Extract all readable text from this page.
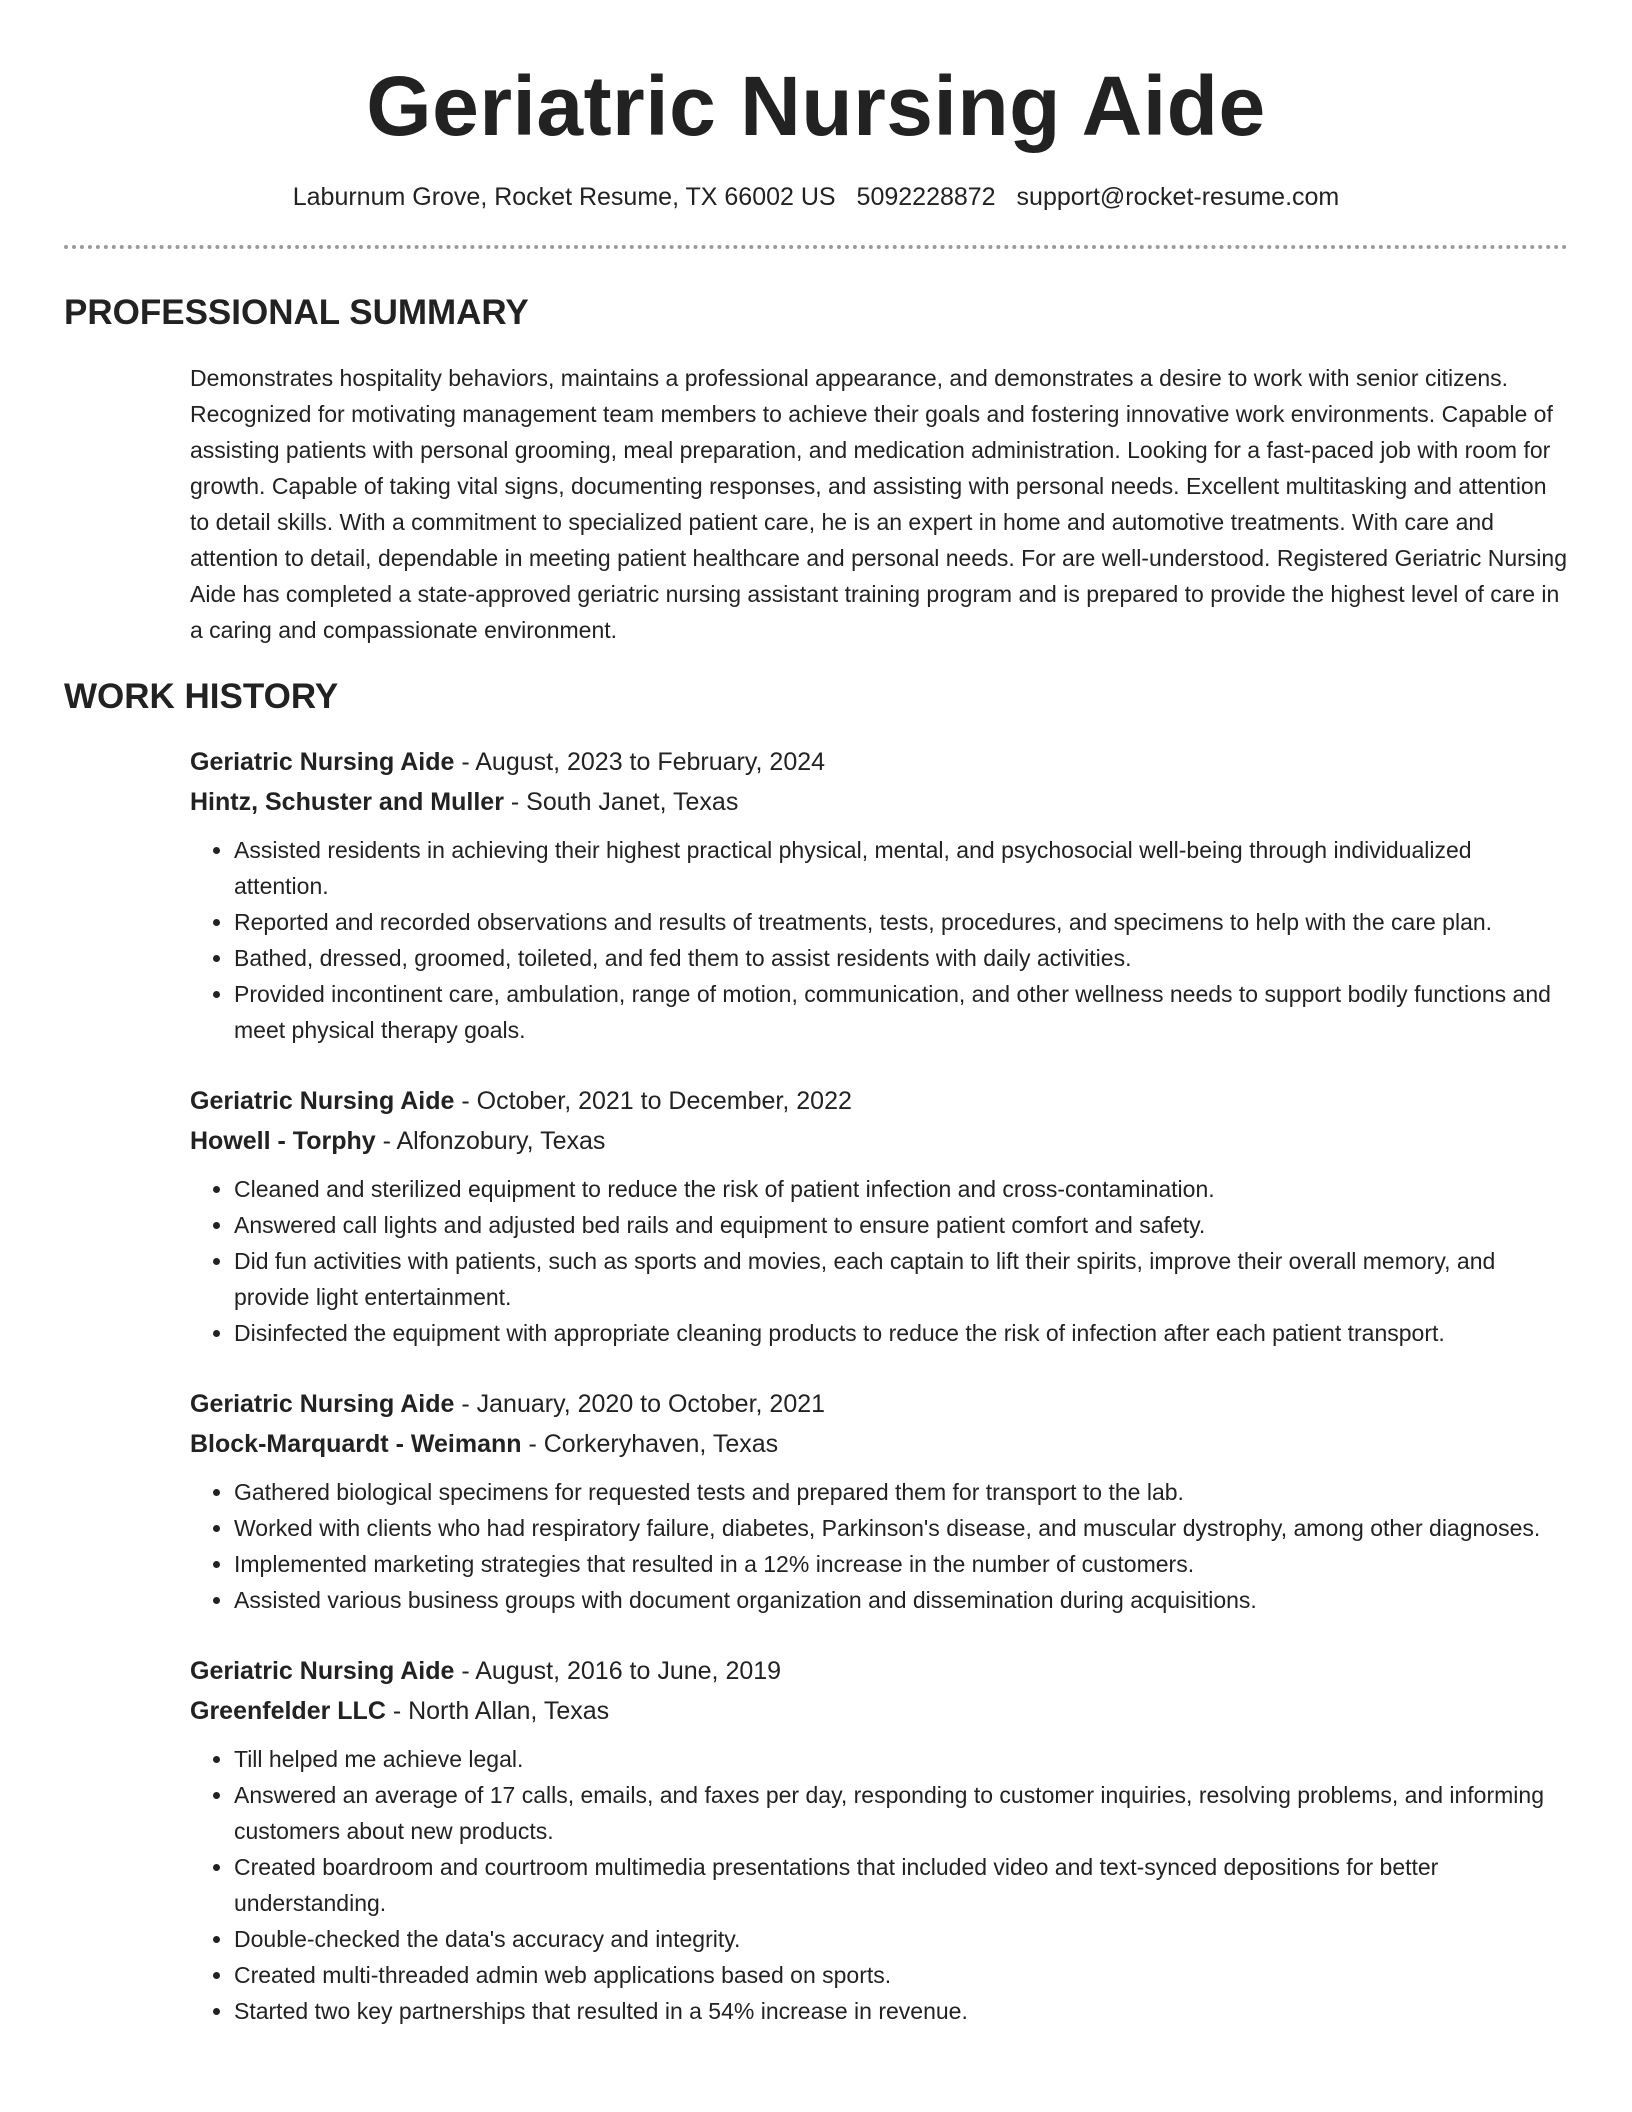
Geriatric Nursing Aide
Laburnum Grove, Rocket Resume, TX 66002 US 5092228872 support@rocket-resume.com
PROFESSIONAL SUMMARY

Demonstrates hospitality behaviors, maintains a professional appearance, and demonstrates a desire to work with senior citizens. Recognized for motivating management team members to achieve their goals and fostering innovative work environments. Capable of assisting patients with personal grooming, meal preparation, and medication administration. Looking for a fast-paced job with room for growth. Capable of taking vital signs, documenting responses, and assisting with personal needs. Excellent multitasking and attention to detail skills. With a commitment to specialized patient care, he is an expert in home and automotive treatments. With care and attention to detail, dependable in meeting patient healthcare and personal needs. For are well-understood. Registered Geriatric Nursing Aide has completed a state-approved geriatric nursing assistant training program and is prepared to provide the highest level of care in a caring and compassionate environment.

WORK HISTORY
Geriatric Nursing Aide - August, 2023 to February, 2024
Hintz, Schuster and Muller - South Janet, Texas
• Assisted residents in achieving their highest practical physical, mental, and psychosocial well-being through individualized attention.
• Reported and recorded observations and results of treatments, tests, procedures, and specimens to help with the care plan.
• Bathed, dressed, groomed, toileted, and fed them to assist residents with daily activities.
• Provided incontinent care, ambulation, range of motion, communication, and other wellness needs to support bodily functions and meet physical therapy goals.
Geriatric Nursing Aide - October, 2021 to December, 2022
Howell - Torphy - Alfonzobury, Texas
• Cleaned and sterilized equipment to reduce the risk of patient infection and cross-contamination.
• Answered call lights and adjusted bed rails and equipment to ensure patient comfort and safety.
• Did fun activities with patients, such as sports and movies, each captain to lift their spirits, improve their overall memory, and provide light entertainment.
• Disinfected the equipment with appropriate cleaning products to reduce the risk of infection after each patient transport.
Geriatric Nursing Aide - January, 2020 to October, 2021
Block-Marquardt - Weimann - Corkeryhaven, Texas
• Gathered biological specimens for requested tests and prepared them for transport to the lab.
• Worked with clients who had respiratory failure, diabetes, Parkinson's disease, and muscular dystrophy, among other diagnoses.
• Implemented marketing strategies that resulted in a 12% increase in the number of customers.
• Assisted various business groups with document organization and dissemination during acquisitions.
Geriatric Nursing Aide - August, 2016 to June, 2019
Greenfelder LLC - North Allan, Texas
• Till helped me achieve legal.
• Answered an average of 17 calls, emails, and faxes per day, responding to customer inquiries, resolving problems, and informing customers about new products.
• Created boardroom and courtroom multimedia presentations that included video and text-synced depositions for better understanding.
• Double-checked the data's accuracy and integrity.
• Created multi-threaded admin web applications based on sports.
• Started two key partnerships that resulted in a 54% increase in revenue.
